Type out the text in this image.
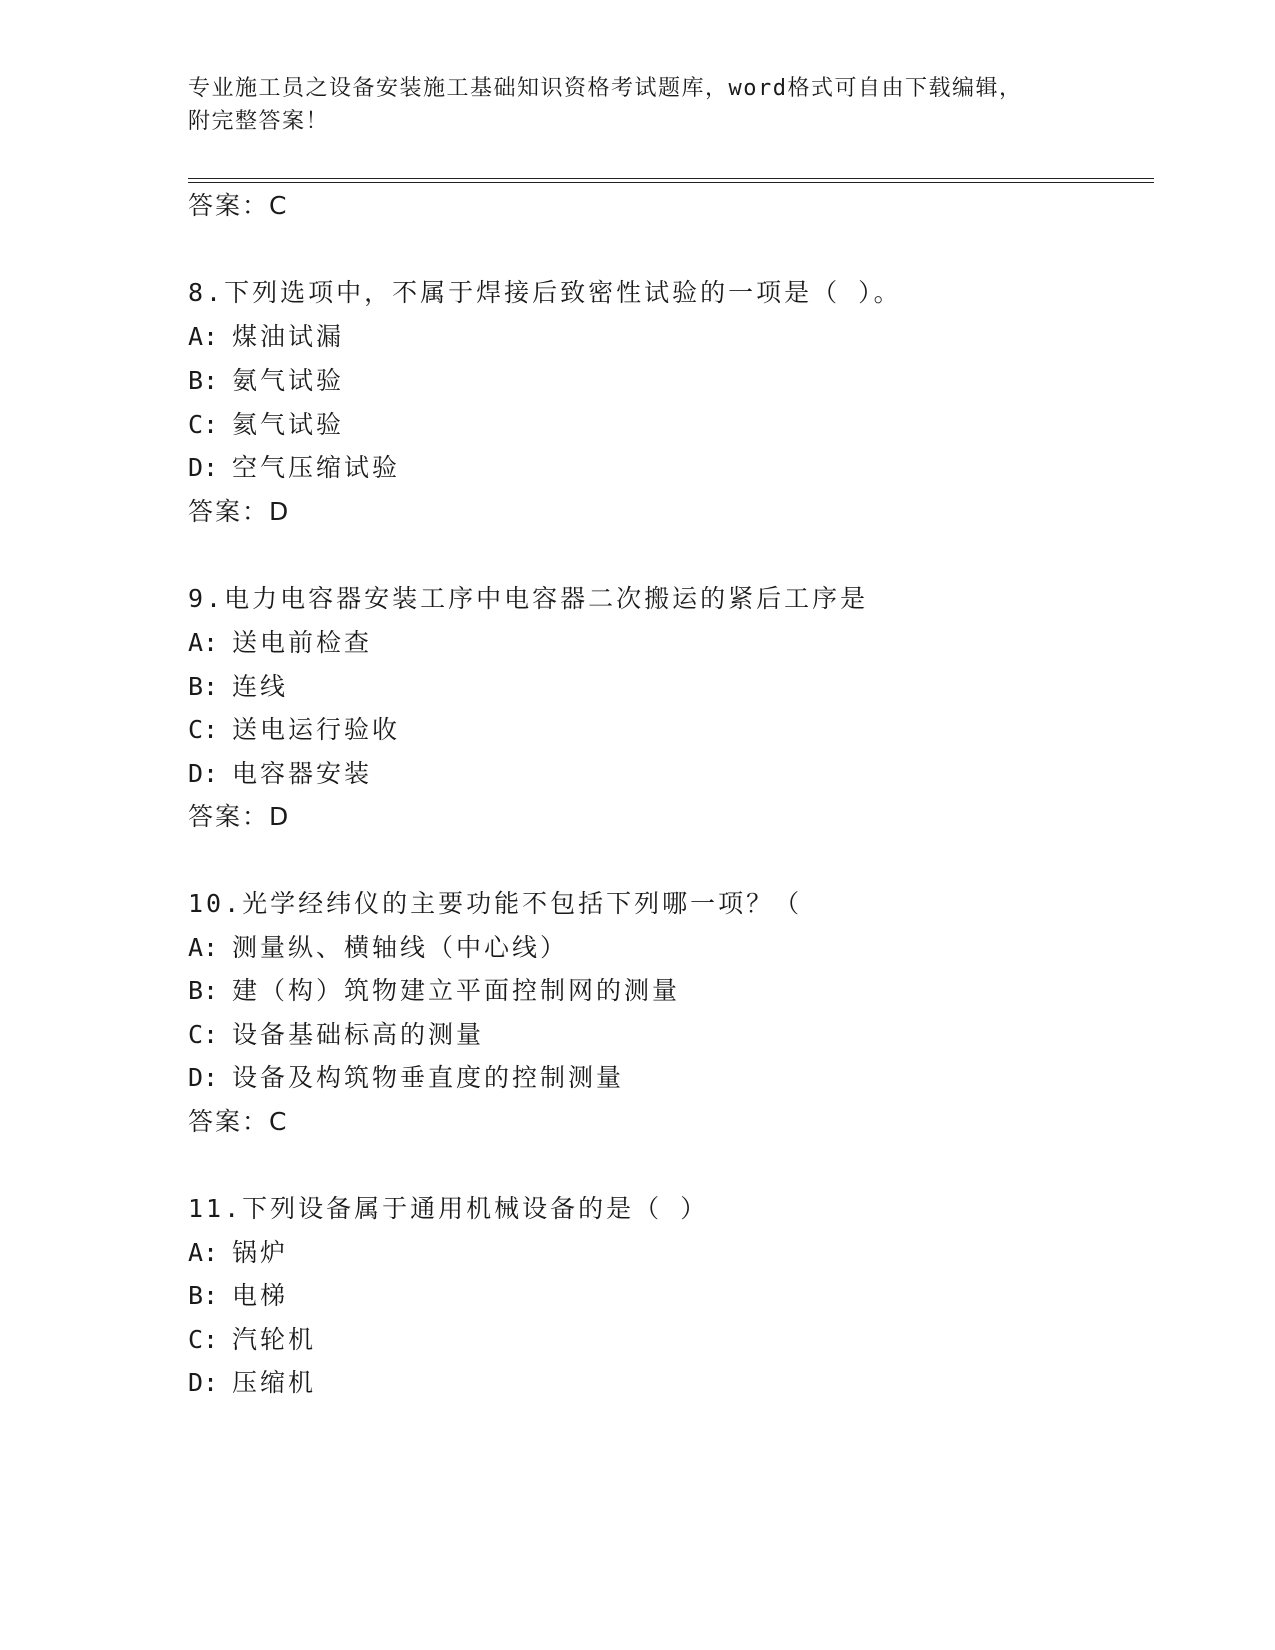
专业施工员之设备安装施工基础知识资格考试题库，word格式可自由下载编辑，
附完整答案！
答案：C
8.下列选项中，不属于焊接后致密性试验的一项是（ ）。
A: 煤油试漏
B: 氨气试验
C: 氦气试验
D: 空气压缩试验
答案：D
9.电力电容器安装工序中电容器二次搬运的紧后工序是
A: 送电前检查
B: 连线
C: 送电运行验收
D: 电容器安装
答案：D
10.光学经纬仪的主要功能不包括下列哪一项？（
A: 测量纵、横轴线（中心线）
B: 建（构）筑物建立平面控制网的测量
C: 设备基础标高的测量
D: 设备及构筑物垂直度的控制测量
答案：C
11.下列设备属于通用机械设备的是（ ）
A: 锅炉
B: 电梯
C: 汽轮机
D: 压缩机
